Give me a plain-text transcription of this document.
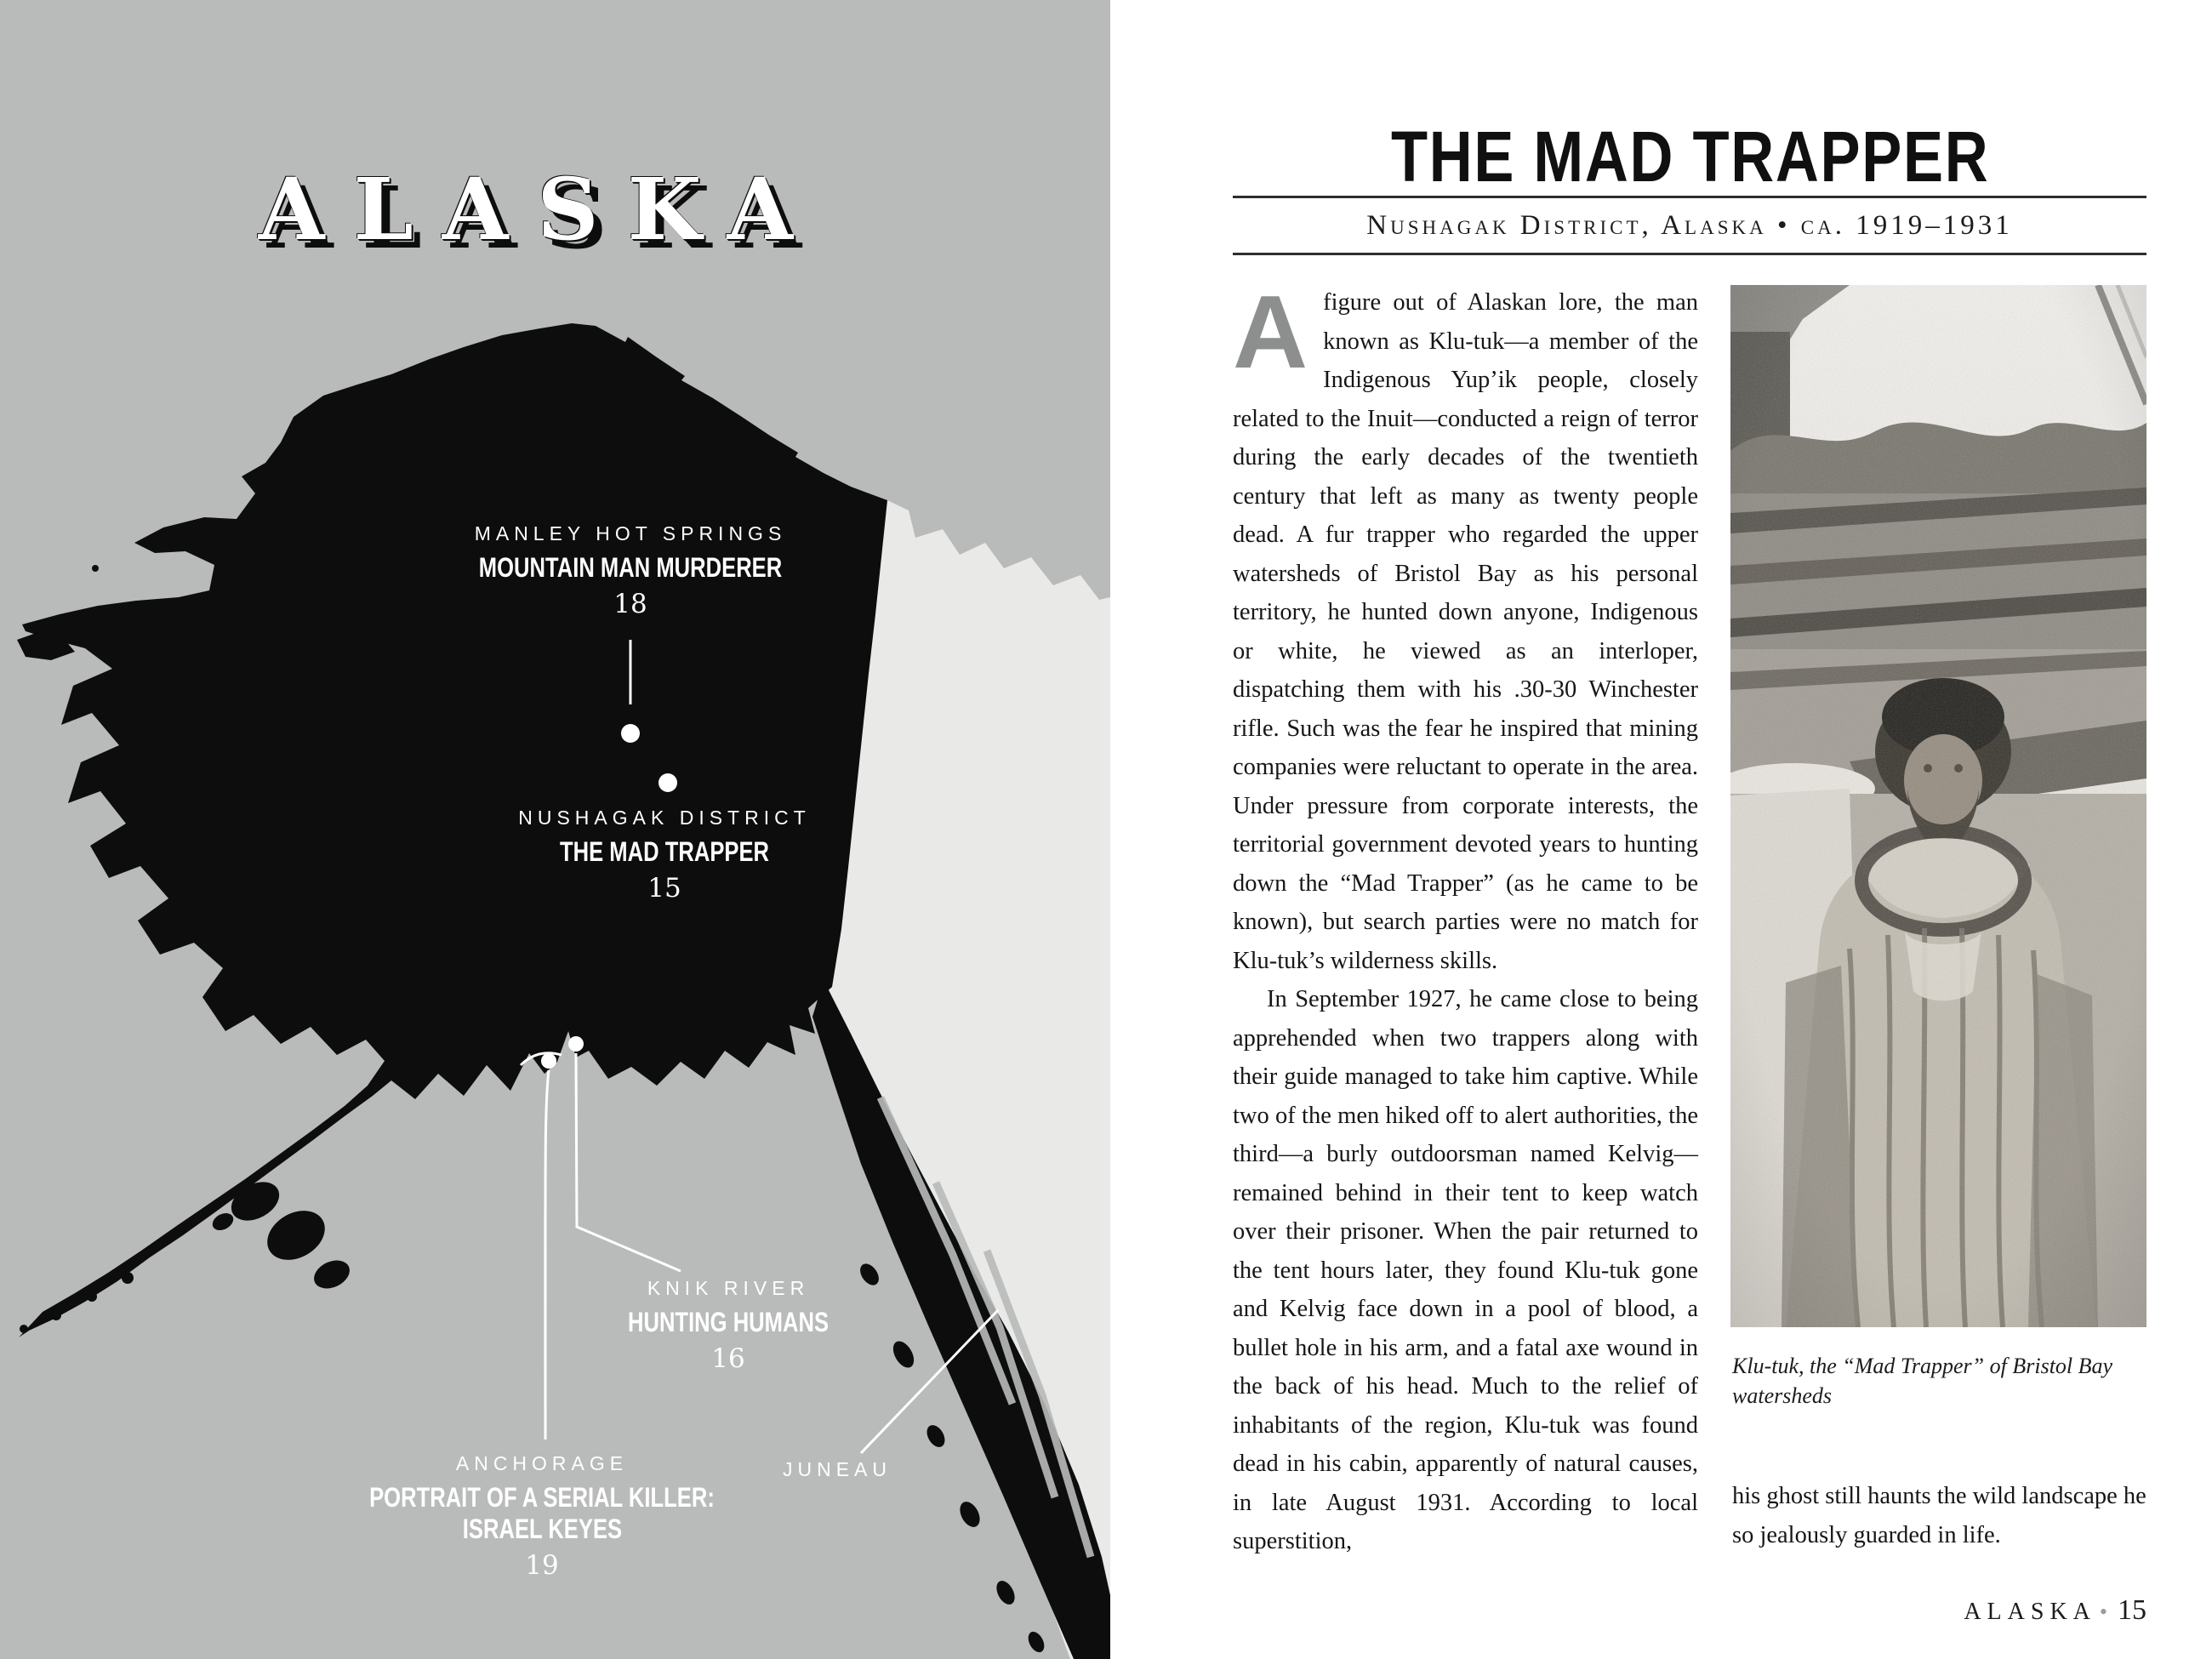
ALASKA
MANLEY HOT SPRINGS
MOUNTAIN MAN MURDERER
18
NUSHAGAK DISTRICT
THE MAD TRAPPER
15
KNIK RIVER
HUNTING HUMANS
16
ANCHORAGE
PORTRAIT OF A SERIAL KILLER:
ISRAEL KEYES
19
JUNEAU
THE MAD TRAPPER

Nushagak District, Alaska • ca. 1919–1931

Afigure out of Alaskan lore, the man known as Klu-tuk—a member of the Indigenous Yup’ik people, closely related to the Inuit—conducted a reign of terror during the early decades of the twentieth century that left as many as twenty people dead. A fur trapper who regarded the upper watersheds of Bristol Bay as his personal territory, he hunted down anyone, Indigenous or white, he viewed as an interloper, dispatching them with his .30-30 Winchester rifle. Such was the fear he inspired that mining companies were reluctant to operate in the area. Under pressure from corporate interests, the territorial government devoted years to hunting down the “Mad Trapper” (as he came to be known), but search parties were no match for Klu-tuk’s wilderness skills.

In September 1927, he came close to being apprehended when two trappers along with their guide managed to take him captive. While two of the men hiked off to alert authorities, the third—a burly outdoorsman named Kelvig—remained behind in their tent to keep watch over their prisoner. When the pair returned to the tent hours later, they found Klu-tuk gone and Kelvig face down in a pool of blood, a bullet hole in his arm, and a fatal axe wound in the back of his head. Much to the relief of inhabitants of the region, Klu-tuk was found dead in his cabin, apparently of natural causes, in late August 1931. According to local superstition,

Klu-tuk, the “Mad Trapper” of Bristol Bay watersheds
his ghost still haunts the wild landscape he so jealously guarded in life.
ALASKA • 15
